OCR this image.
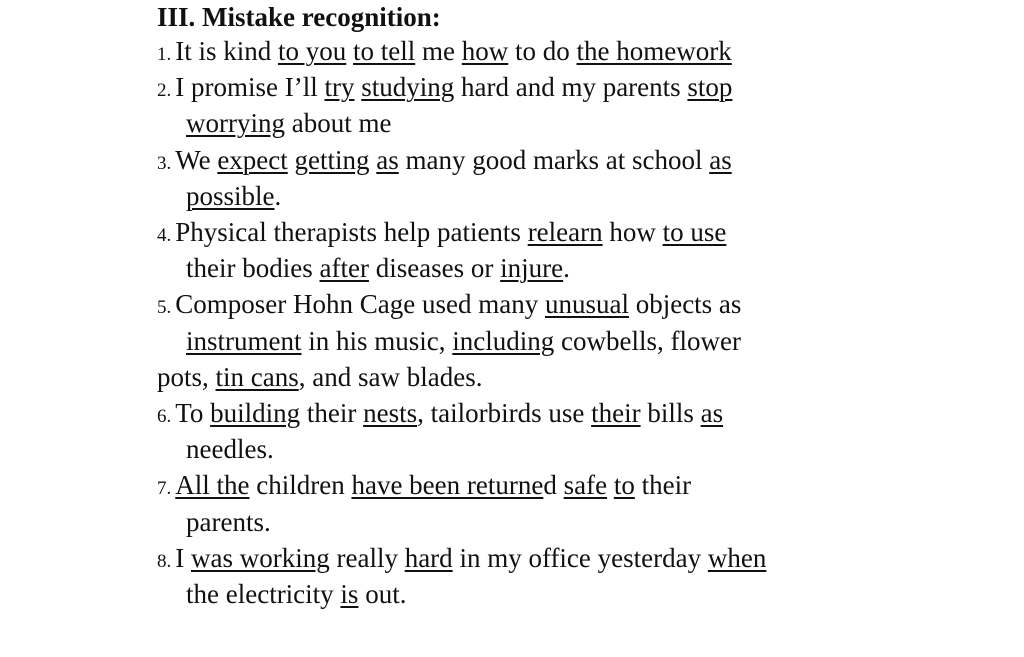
III. Mistake recognition:
1. It is kind to you to tell me how to do the homework
2. I promise I’ll try studying hard and my parents stop
worrying about me
3. We expect getting as many good marks at school as
possible.
4. Physical therapists help patients relearn how to use
their bodies after diseases or injure.
5. Composer Hohn Cage used many unusual objects as
instrument in his music, including cowbells, flower
pots, tin cans, and saw blades.
6. To building their nests, tailorbirds use their bills as
needles.
7. All the children have been returned safe to their
parents.
8. I was working really hard in my office yesterday when
the electricity is out.
